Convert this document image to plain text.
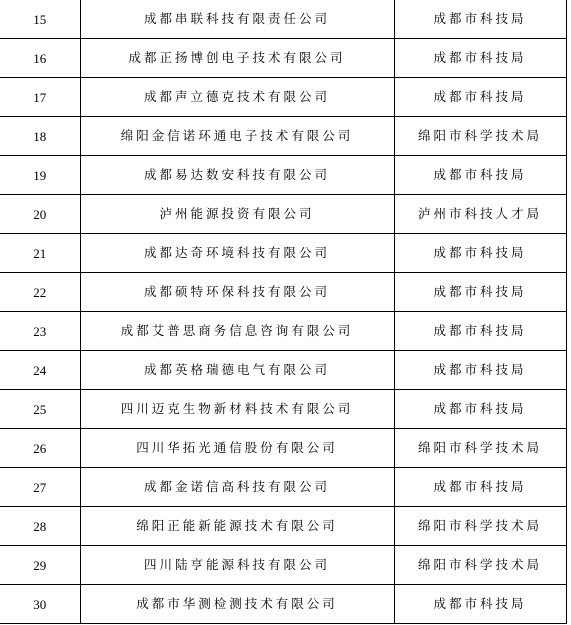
15	成都串联科技有限责任公司	成都市科技局
16	成都正扬博创电子技术有限公司	成都市科技局
17	成都声立德克技术有限公司	成都市科技局
18	绵阳金信诺环通电子技术有限公司	绵阳市科学技术局
19	成都易达数安科技有限公司	成都市科技局
20	泸州能源投资有限公司	泸州市科技人才局
21	成都达奇环境科技有限公司	成都市科技局
22	成都硕特环保科技有限公司	成都市科技局
23	成都艾普思商务信息咨询有限公司	成都市科技局
24	成都英格瑞德电气有限公司	成都市科技局
25	四川迈克生物新材料技术有限公司	成都市科技局
26	四川华拓光通信股份有限公司	绵阳市科学技术局
27	成都金诺信高科技有限公司	成都市科技局
28	绵阳正能新能源技术有限公司	绵阳市科学技术局
29	四川陆亨能源科技有限公司	绵阳市科学技术局
30	成都市华测检测技术有限公司	成都市科技局
